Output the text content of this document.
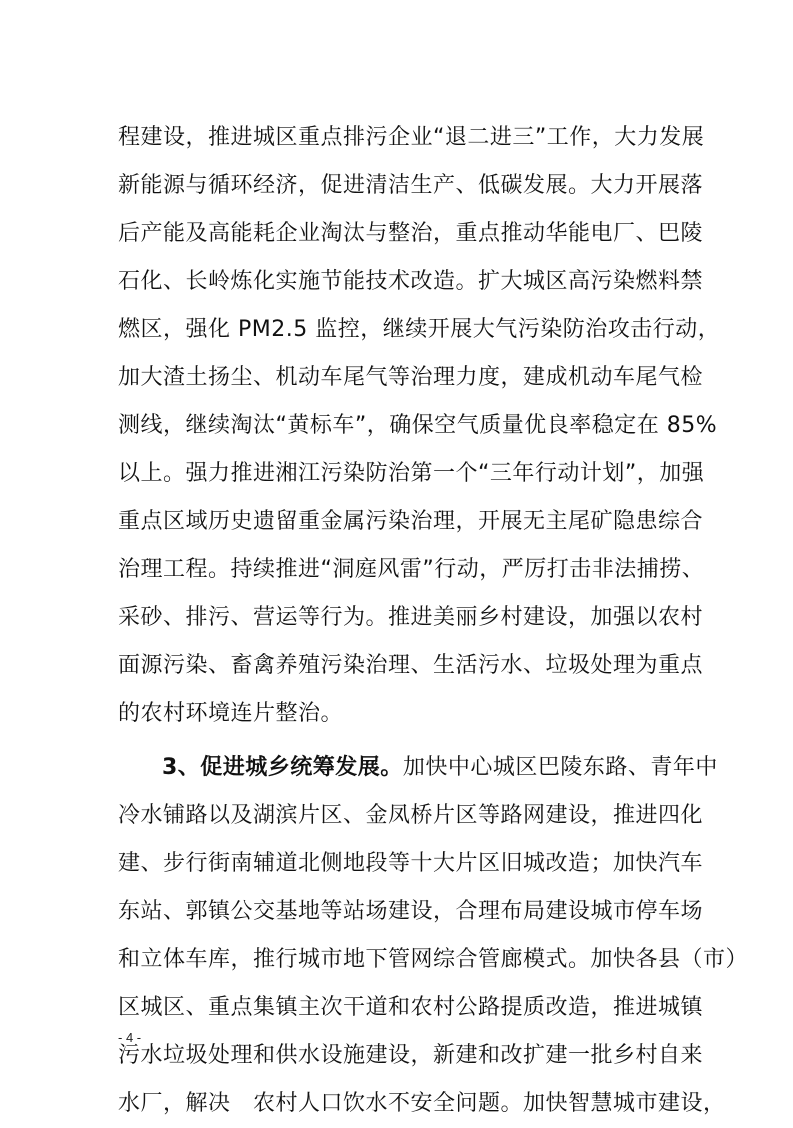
程建设，推进城区重点排污企业“退二进三”工作，大力发展
新能源与循环经济，促进清洁生产、低碳发展。大力开展落
后产能及高能耗企业淘汰与整治，重点推动华能电厂、巴陵
石化、长岭炼化实施节能技术改造。扩大城区高污染燃料禁
燃区，强化 PM2.5 监控，继续开展大气污染防治攻击行动，
加大渣土扬尘、机动车尾气等治理力度，建成机动车尾气检
测线，继续淘汰“黄标车”，确保空气质量优良率稳定在 85%
以上。强力推进湘江污染防治第一个“三年行动计划”，加强
重点区域历史遗留重金属污染治理，开展无主尾矿隐患综合
治理工程。持续推进“洞庭风雷”行动，严厉打击非法捕捞、
采砂、排污、营运等行为。推进美丽乡村建设，加强以农村
面源污染、畜禽养殖污染治理、生活污水、垃圾处理为重点
的农村环境连片整治。

3、促进城乡统筹发展。加快中心城区巴陵东路、青年中
冷水铺路以及湖滨片区、金凤桥片区等路网建设，推进四化
建、步行街南辅道北侧地段等十大片区旧城改造；加快汽车
东站、郭镇公交基地等站场建设，合理布局建设城市停车场
和立体车库，推行城市地下管网综合管廊模式。加快各县（市）
区城区、重点集镇主次干道和农村公路提质改造，推进城镇
污水垃圾处理和供水设施建设，新建和改扩建一批乡村自来
水厂，解决　农村人口饮水不安全问题。加快智慧城市建设，

- 4 -
